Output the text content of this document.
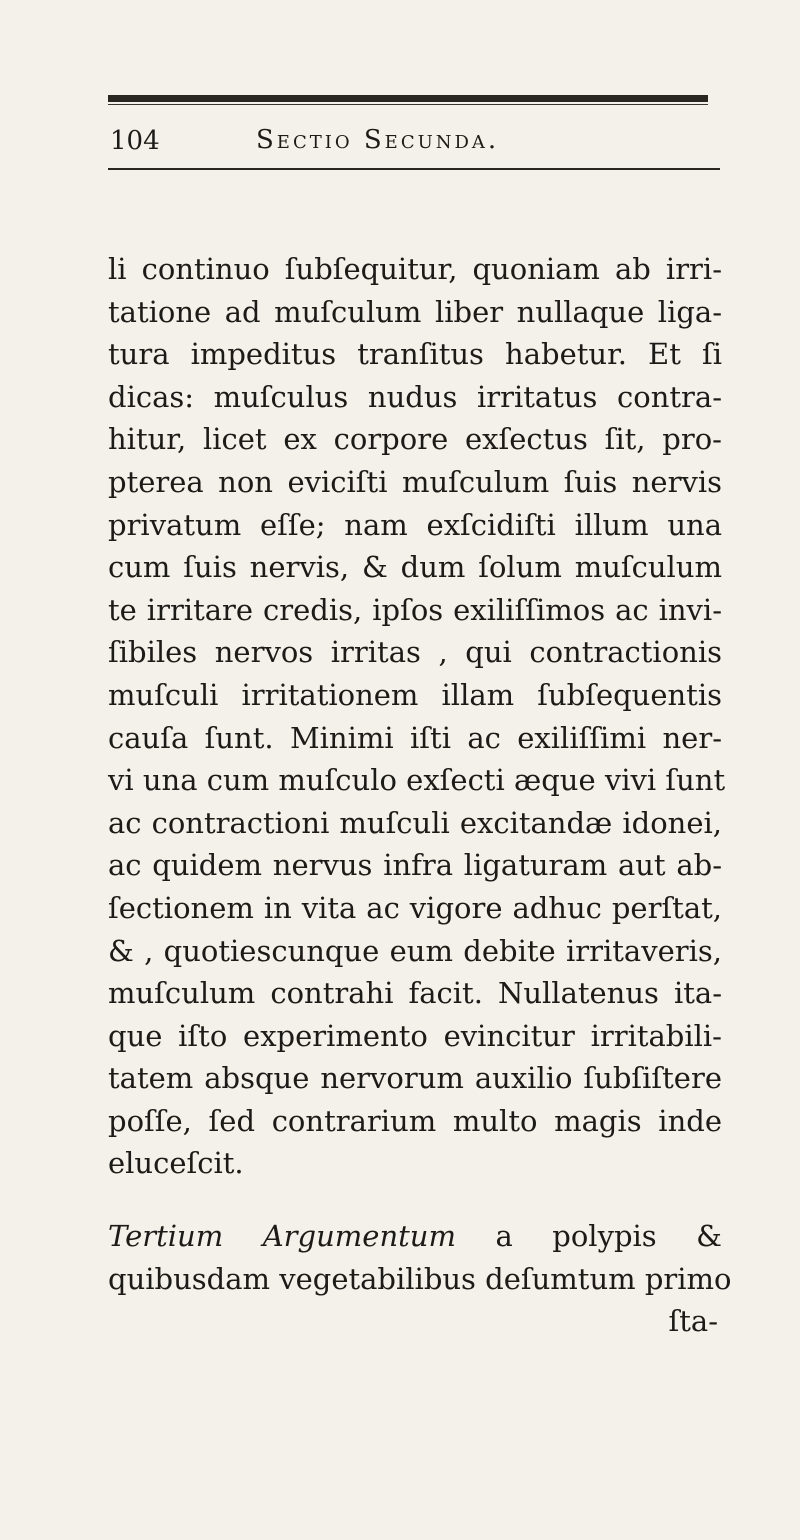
104	Sectio Secunda.
li continuo ſubſequitur, quoniam ab irri-
tatione ad muſculum liber nullaque liga-
tura impeditus tranſitus habetur. Et ſi
dicas: muſculus nudus irritatus contra-
hitur, licet ex corpore exſectus ſit, pro-
pterea non eviciſti muſculum ſuis nervis
privatum eſſe; nam exſcidiſti illum una
cum ſuis nervis, & dum ſolum muſculum
te irritare credis, ipſos exiliſſimos ac invi-
ſibiles nervos irritas , qui contractionis
muſculi irritationem illam ſubſequentis
cauſa ſunt. Minimi iſti ac exiliſſimi ner-
vi una cum muſculo exſecti æque vivi ſunt
ac contractioni muſculi excitandæ idonei,
ac quidem nervus infra ligaturam aut ab-
ſectionem in vita ac vigore adhuc perſtat,
& , quotiescunque eum debite irritaveris,
muſculum contrahi facit. Nullatenus ita-
que iſto experimento evincitur irritabili-
tatem absque nervorum auxilio ſubſiſtere
poſſe, ſed contrarium multo magis inde
eluceſcit.
Tertium Argumentum a polypis &
quibusdam vegetabilibus deſumtum primo
ſta-
